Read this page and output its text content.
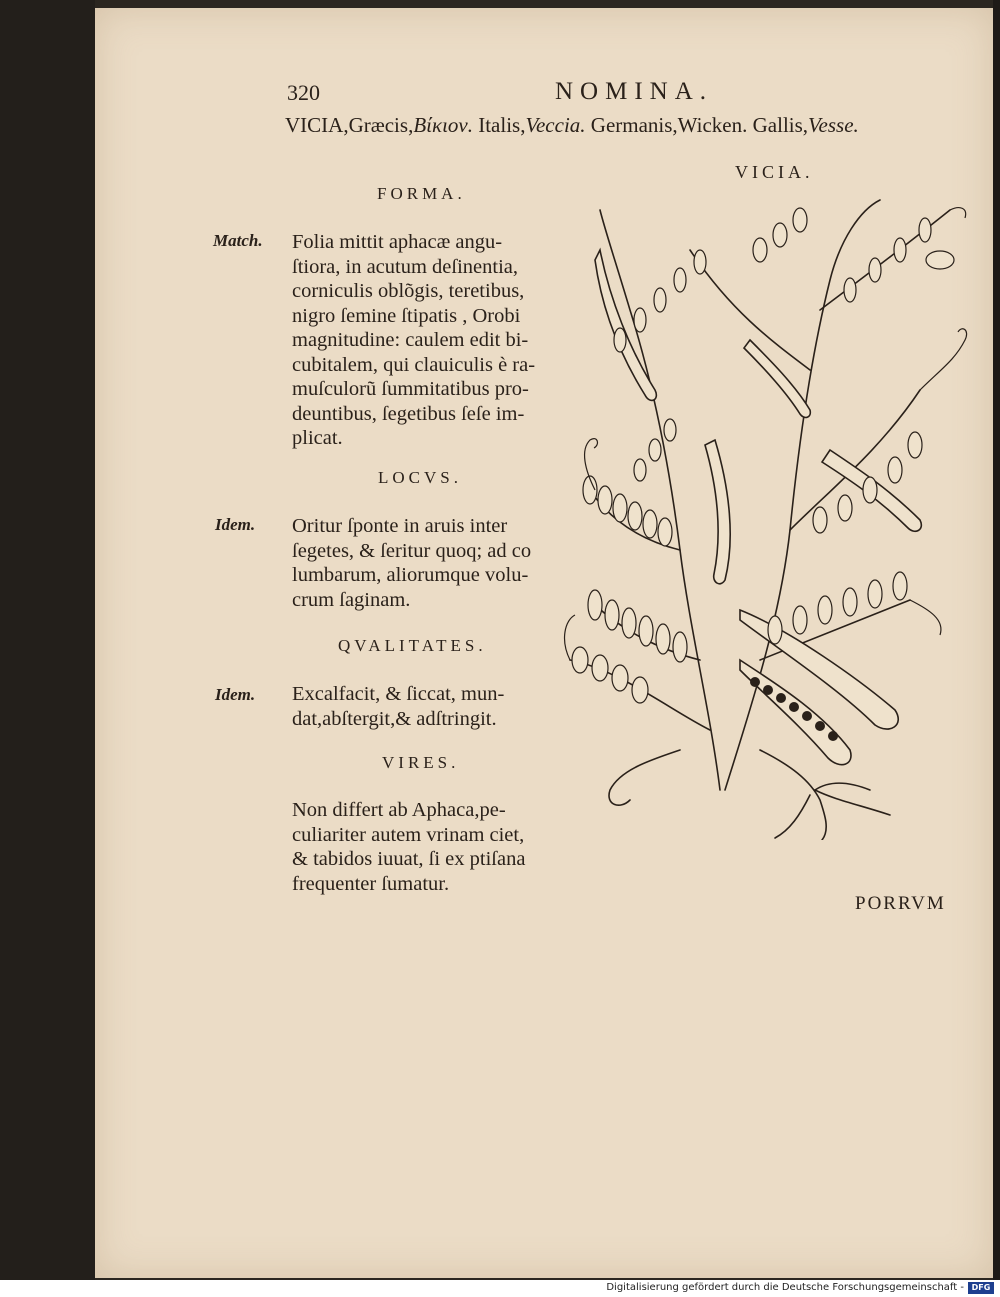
320	NOMINA.
VICIA,Græcis,Βίκιον. Italis,Veccia. Germanis,Wicken. Gallis,Vesse.
VICIA.
FORMA.
Match. Folia mittit aphacæ angu-
ſtiora, in acutum deſinentia,
corniculis oblõgis, teretibus,
nigro ſemine ſtipatis , Orobi
magnitudine: caulem edit bi-
cubitalem, qui clauiculis è ra-
muſculorũ ſummitatibus pro-
deuntibus, ſegetibus ſeſe im-
plicat.
LOCVS.
Idem. Oritur ſponte in aruis inter
ſegetes, & ſeritur quoq; ad co
lumbarum, aliorumque volu-
crum ſaginam.
QVALITATES.
Idem. Excalfacit, & ſiccat, mun-
dat,abſtergit,& adſtringit.
VIRES.
Non differt ab Aphaca,pe-
culiariter autem vrinam ciet,
& tabidos iuuat, ſi ex ptiſana
frequenter ſumatur.
PORRVM
Digitalisierung gefördert durch die Deutsche Forschungsgemeinschaft - DFG
